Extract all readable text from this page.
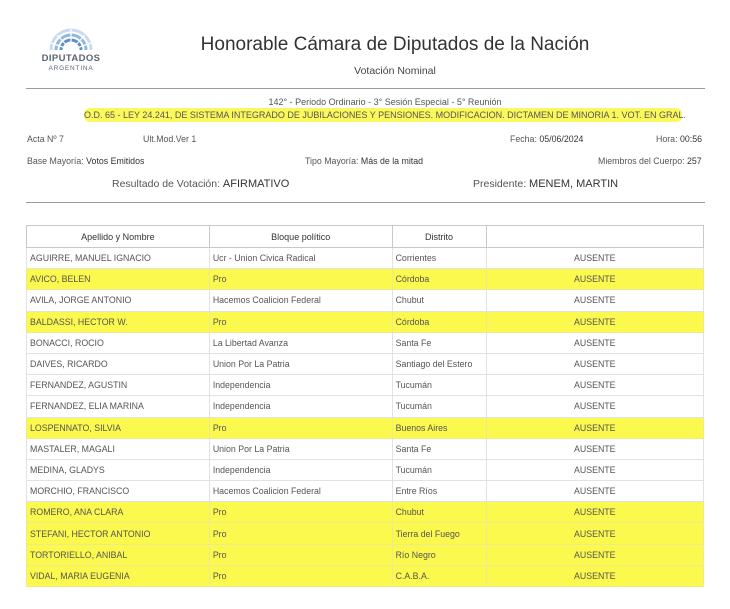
DIPUTADOS
ARGENTINA
Honorable Cámara de Diputados de la Nación
Votación Nominal
142° - Periodo Ordinario - 3° Sesión Especial - 5° Reunión
O.D. 65 - LEY 24.241, DE SISTEMA INTEGRADO DE JUBILACIONES Y PENSIONES. MODIFICACION. DICTAMEN DE MINORIA 1. VOT. EN GRAL.
Acta Nº 7	Ult.Mod.Ver 1	Fecha: 05/06/2024	Hora: 00:56
Base Mayoría: Votos Emitidos	Tipo Mayoría: Más de la mitad	Miembros del Cuerpo: 257
Resultado de Votación: AFIRMATIVO	Presidente: MENEM, MARTIN
Apellido y Nombre	Bloque político	Distrito	
AGUIRRE, MANUEL IGNACIO	Ucr - Union Civica Radical	Corrientes	AUSENTE
AVICO, BELEN	Pro	Córdoba	AUSENTE
AVILA, JORGE ANTONIO	Hacemos Coalicion Federal	Chubut	AUSENTE
BALDASSI, HECTOR W.	Pro	Córdoba	AUSENTE
BONACCI, ROCIO	La Libertad Avanza	Santa Fe	AUSENTE
DAIVES, RICARDO	Union Por La Patria	Santiago del Estero	AUSENTE
FERNANDEZ, AGUSTIN	Independencia	Tucumán	AUSENTE
FERNANDEZ, ELIA MARINA	Independencia	Tucumán	AUSENTE
LOSPENNATO, SILVIA	Pro	Buenos Aires	AUSENTE
MASTALER, MAGALI	Union Por La Patria	Santa Fe	AUSENTE
MEDINA, GLADYS	Independencia	Tucumán	AUSENTE
MORCHIO, FRANCISCO	Hacemos Coalicion Federal	Entre Ríos	AUSENTE
ROMERO, ANA CLARA	Pro	Chubut	AUSENTE
STEFANI, HECTOR ANTONIO	Pro	Tierra del Fuego	AUSENTE
TORTORIELLO, ANIBAL	Pro	Río Negro	AUSENTE
VIDAL, MARIA EUGENIA	Pro	C.A.B.A.	AUSENTE
